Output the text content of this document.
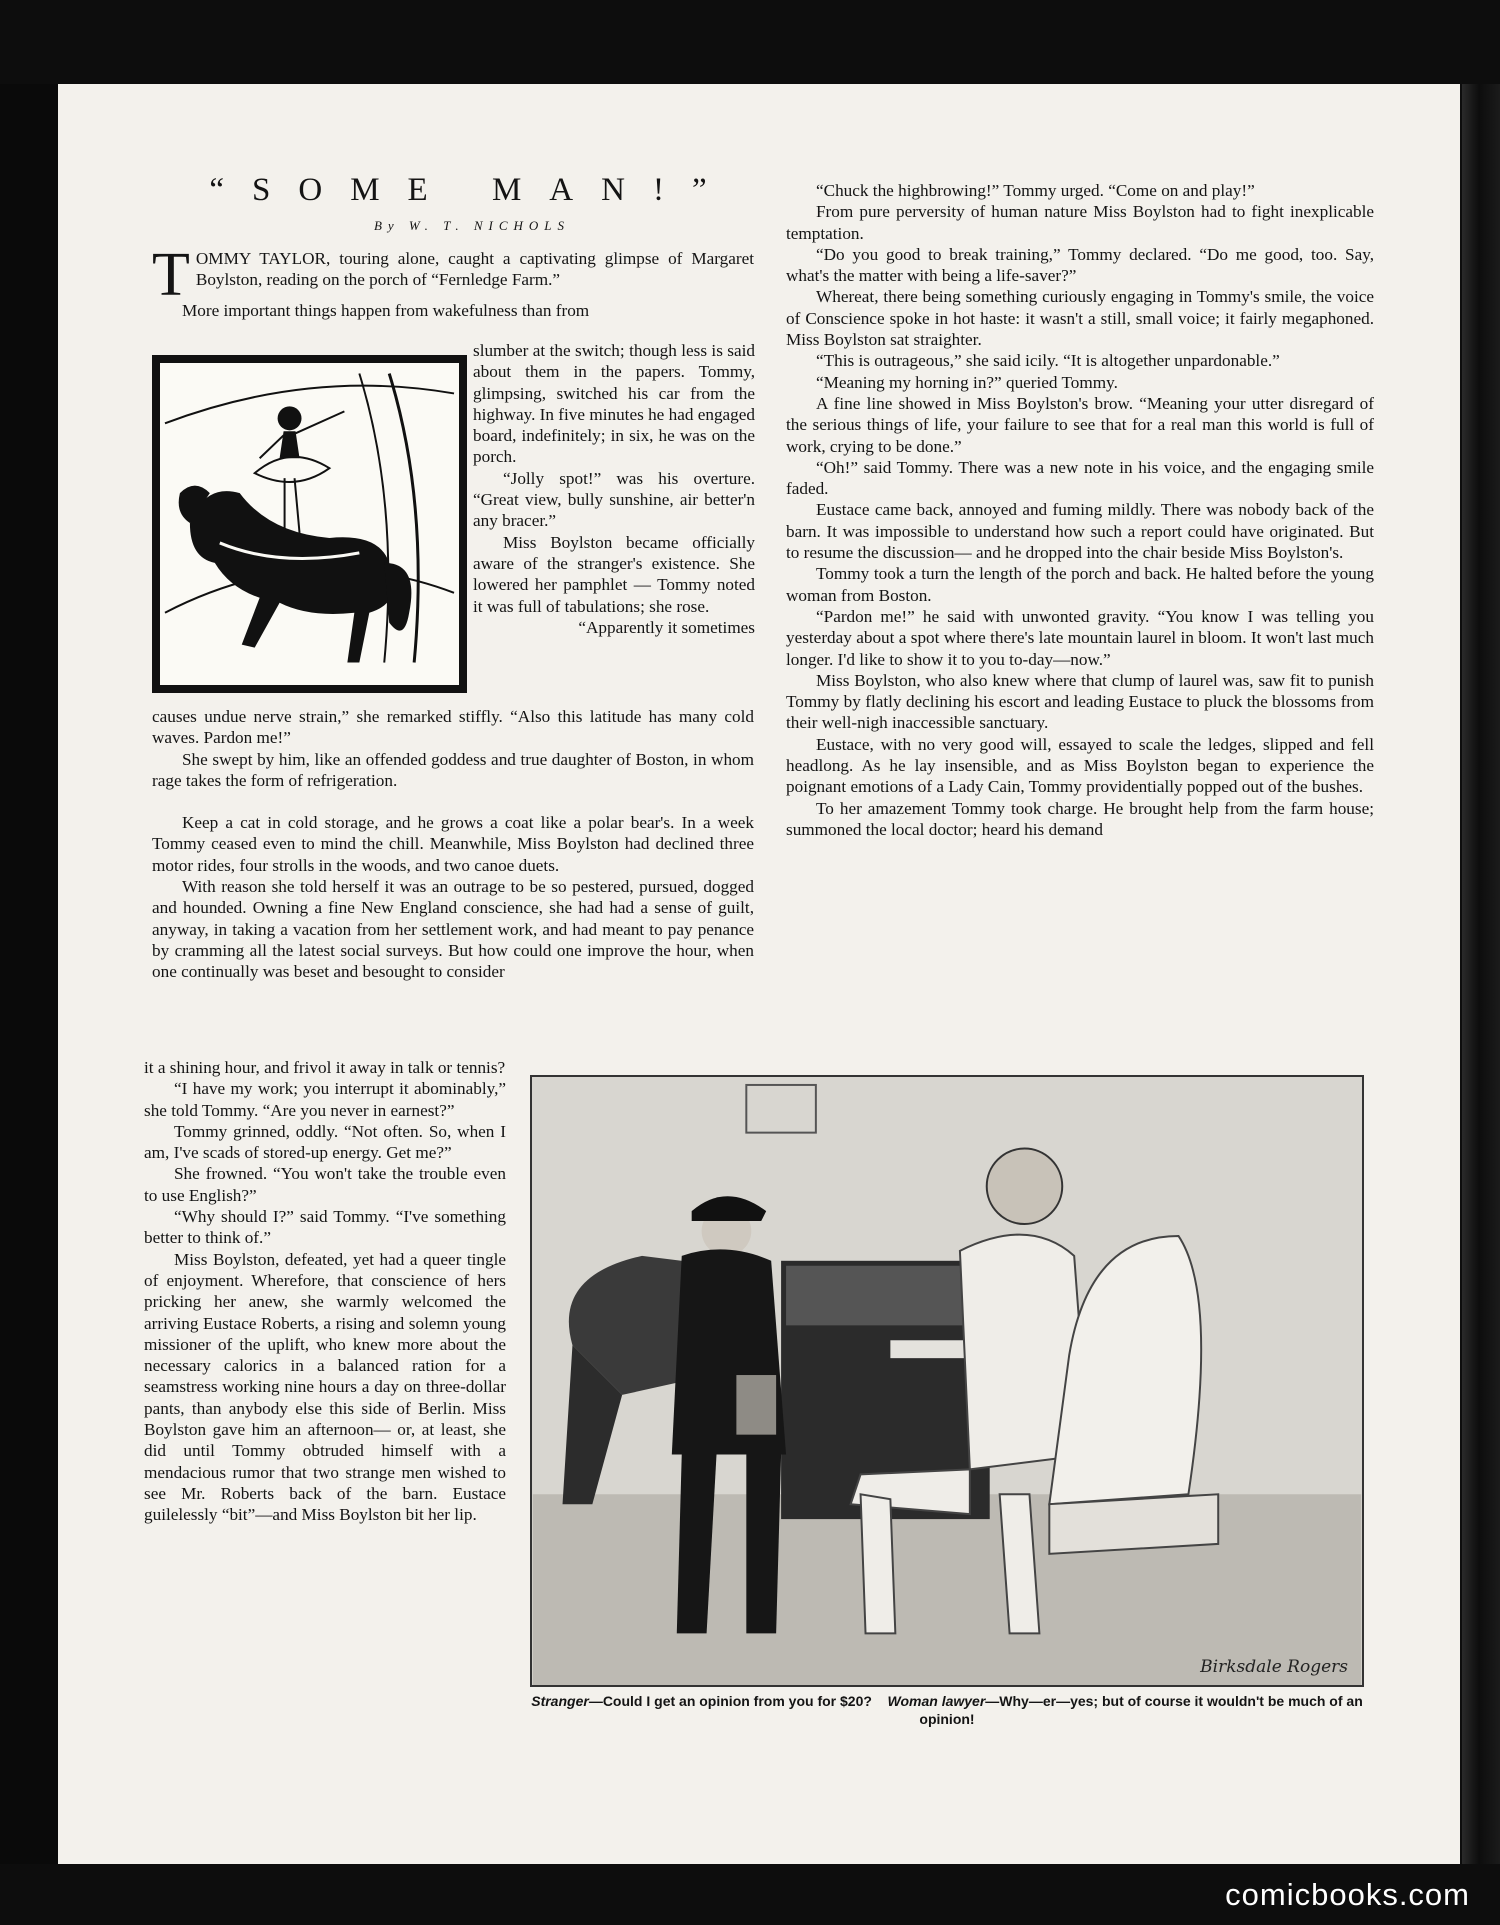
“SOME MAN!”
By W. T. NICHOLS

TOMMY TAYLOR, touring alone, caught a captivating glimpse of Margaret Boylston, reading on the porch of “Fernledge Farm.”

More important things happen from wakefulness than from

slumber at the switch; though less is said about them in the papers. Tommy, glimpsing, switched his car from the highway. In five minutes he had engaged board, indefinitely; in six, he was on the porch.

“Jolly spot!” was his overture. “Great view, bully sunshine, air better'n any bracer.”

Miss Boylston became officially aware of the stranger's existence. She lowered her pamphlet — Tommy noted it was full of tabulations; she rose.

“Apparently it sometimes

causes undue nerve strain,” she remarked stiffly. “Also this latitude has many cold waves. Pardon me!”

She swept by him, like an offended goddess and true daughter of Boston, in whom rage takes the form of refrigeration.

Keep a cat in cold storage, and he grows a coat like a polar bear's. In a week Tommy ceased even to mind the chill. Meanwhile, Miss Boylston had declined three motor rides, four strolls in the woods, and two canoe duets.

With reason she told herself it was an outrage to be so pestered, pursued, dogged and hounded. Owning a fine New England conscience, she had had a sense of guilt, anyway, in taking a vacation from her settlement work, and had meant to pay penance by cramming all the latest social surveys. But how could one improve the hour, when one continually was beset and besought to consider

it a shining hour, and frivol it away in talk or tennis?

“I have my work; you interrupt it abominably,” she told Tommy. “Are you never in earnest?”

Tommy grinned, oddly. “Not often. So, when I am, I've scads of stored-up energy. Get me?”

She frowned. “You won't take the trouble even to use English?”

“Why should I?” said Tommy. “I've something better to think of.”

Miss Boylston, defeated, yet had a queer tingle of enjoyment. Wherefore, that conscience of hers pricking her anew, she warmly welcomed the arriving Eustace Roberts, a rising and solemn young missioner of the uplift, who knew more about the necessary calorics in a balanced ration for a seamstress working nine hours a day on three-dollar pants, than anybody else this side of Berlin. Miss Boylston gave him an afternoon— or, at least, she did until Tommy obtruded himself with a mendacious rumor that two strange men wished to see Mr. Roberts back of the barn. Eustace guilelessly “bit”—and Miss Boylston bit her lip.

“Chuck the highbrowing!” Tommy urged. “Come on and play!”

From pure perversity of human nature Miss Boylston had to fight inexplicable temptation.

“Do you good to break training,” Tommy declared. “Do me good, too. Say, what's the matter with being a life-saver?”

Whereat, there being something curiously engaging in Tommy's smile, the voice of Conscience spoke in hot haste: it wasn't a still, small voice; it fairly megaphoned. Miss Boylston sat straighter.

“This is outrageous,” she said icily. “It is altogether unpardonable.”

“Meaning my horning in?” queried Tommy.

A fine line showed in Miss Boylston's brow. “Meaning your utter disregard of the serious things of life, your failure to see that for a real man this world is full of work, crying to be done.”

“Oh!” said Tommy. There was a new note in his voice, and the engaging smile faded.

Eustace came back, annoyed and fuming mildly. There was nobody back of the barn. It was impossible to understand how such a report could have originated. But to resume the discussion— and he dropped into the chair beside Miss Boylston's.

Tommy took a turn the length of the porch and back. He halted before the young woman from Boston.

“Pardon me!” he said with unwonted gravity. “You know I was telling you yesterday about a spot where there's late mountain laurel in bloom. It won't last much longer. I'd like to show it to you to-day—now.”

Miss Boylston, who also knew where that clump of laurel was, saw fit to punish Tommy by flatly declining his escort and leading Eustace to pluck the blossoms from their well-nigh inaccessible sanctuary.

Eustace, with no very good will, essayed to scale the ledges, slipped and fell headlong. As he lay insensible, and as Miss Boylston began to experience the poignant emotions of a Lady Cain, Tommy providentially popped out of the bushes.

To her amazement Tommy took charge. He brought help from the farm house; summoned the local doctor; heard his demand

Birksdale Rogers
Stranger—Could I get an opinion from you for $20? Woman lawyer—Why—er—yes; but of course it wouldn't be much of an opinion!
comicbooks.com
